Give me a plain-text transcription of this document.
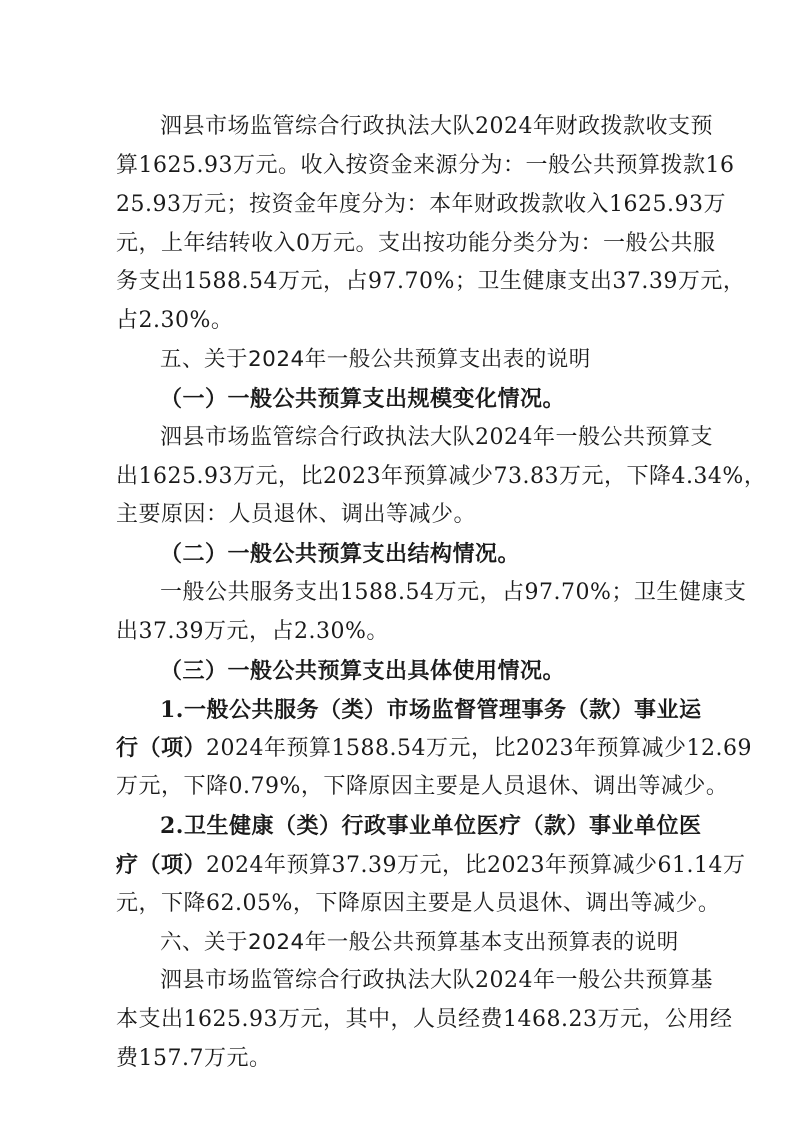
泗县市场监管综合行政执法大队2024年财政拨款收支预
算1625.93万元。收入按资金来源分为：一般公共预算拨款16
25.93万元；按资金年度分为：本年财政拨款收入1625.93万
元，上年结转收入0万元。支出按功能分类分为：一般公共服
务支出1588.54万元，占97.70%；卫生健康支出37.39万元，
占2.30%。
五、关于2024年一般公共预算支出表的说明
（一）一般公共预算支出规模变化情况。
泗县市场监管综合行政执法大队2024年一般公共预算支
出1625.93万元，比2023年预算减少73.83万元，下降4.34%，
主要原因：人员退休、调出等减少。
（二）一般公共预算支出结构情况。
一般公共服务支出1588.54万元，占97.70%；卫生健康支
出37.39万元，占2.30%。
（三）一般公共预算支出具体使用情况。
1.一般公共服务（类）市场监督管理事务（款）事业运
行（项）2024年预算1588.54万元，比2023年预算减少12.69
万元，下降0.79%，下降原因主要是人员退休、调出等减少。
2.卫生健康（类）行政事业单位医疗（款）事业单位医
疗（项）2024年预算37.39万元，比2023年预算减少61.14万
元，下降62.05%，下降原因主要是人员退休、调出等减少。
六、关于2024年一般公共预算基本支出预算表的说明
泗县市场监管综合行政执法大队2024年一般公共预算基
本支出1625.93万元，其中，人员经费1468.23万元，公用经
费157.7万元。
